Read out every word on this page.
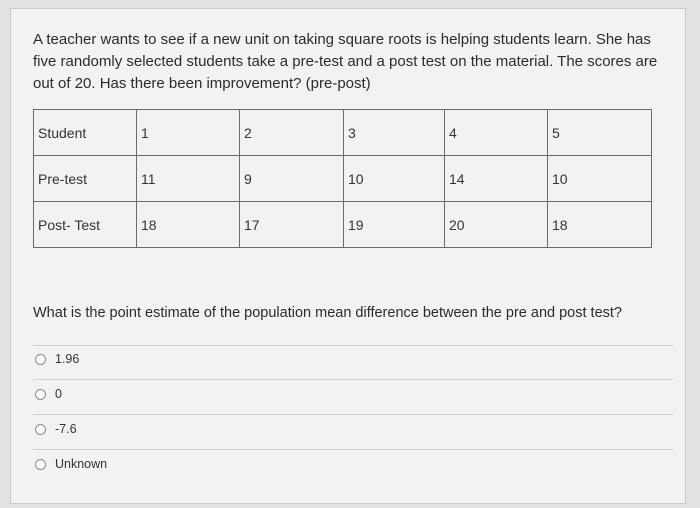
A teacher wants to see if a new unit on taking square roots is helping students learn. She has five randomly selected students take a pre-test and a post test on the material. The scores are out of 20. Has there been improvement? (pre-post)
Student	1	2	3	4	5
Pre-test	11	9	10	14	10
Post- Test	18	17	19	20	18
What is the point estimate of the population mean difference between the pre and post test?
1.96
0
-7.6
Unknown
